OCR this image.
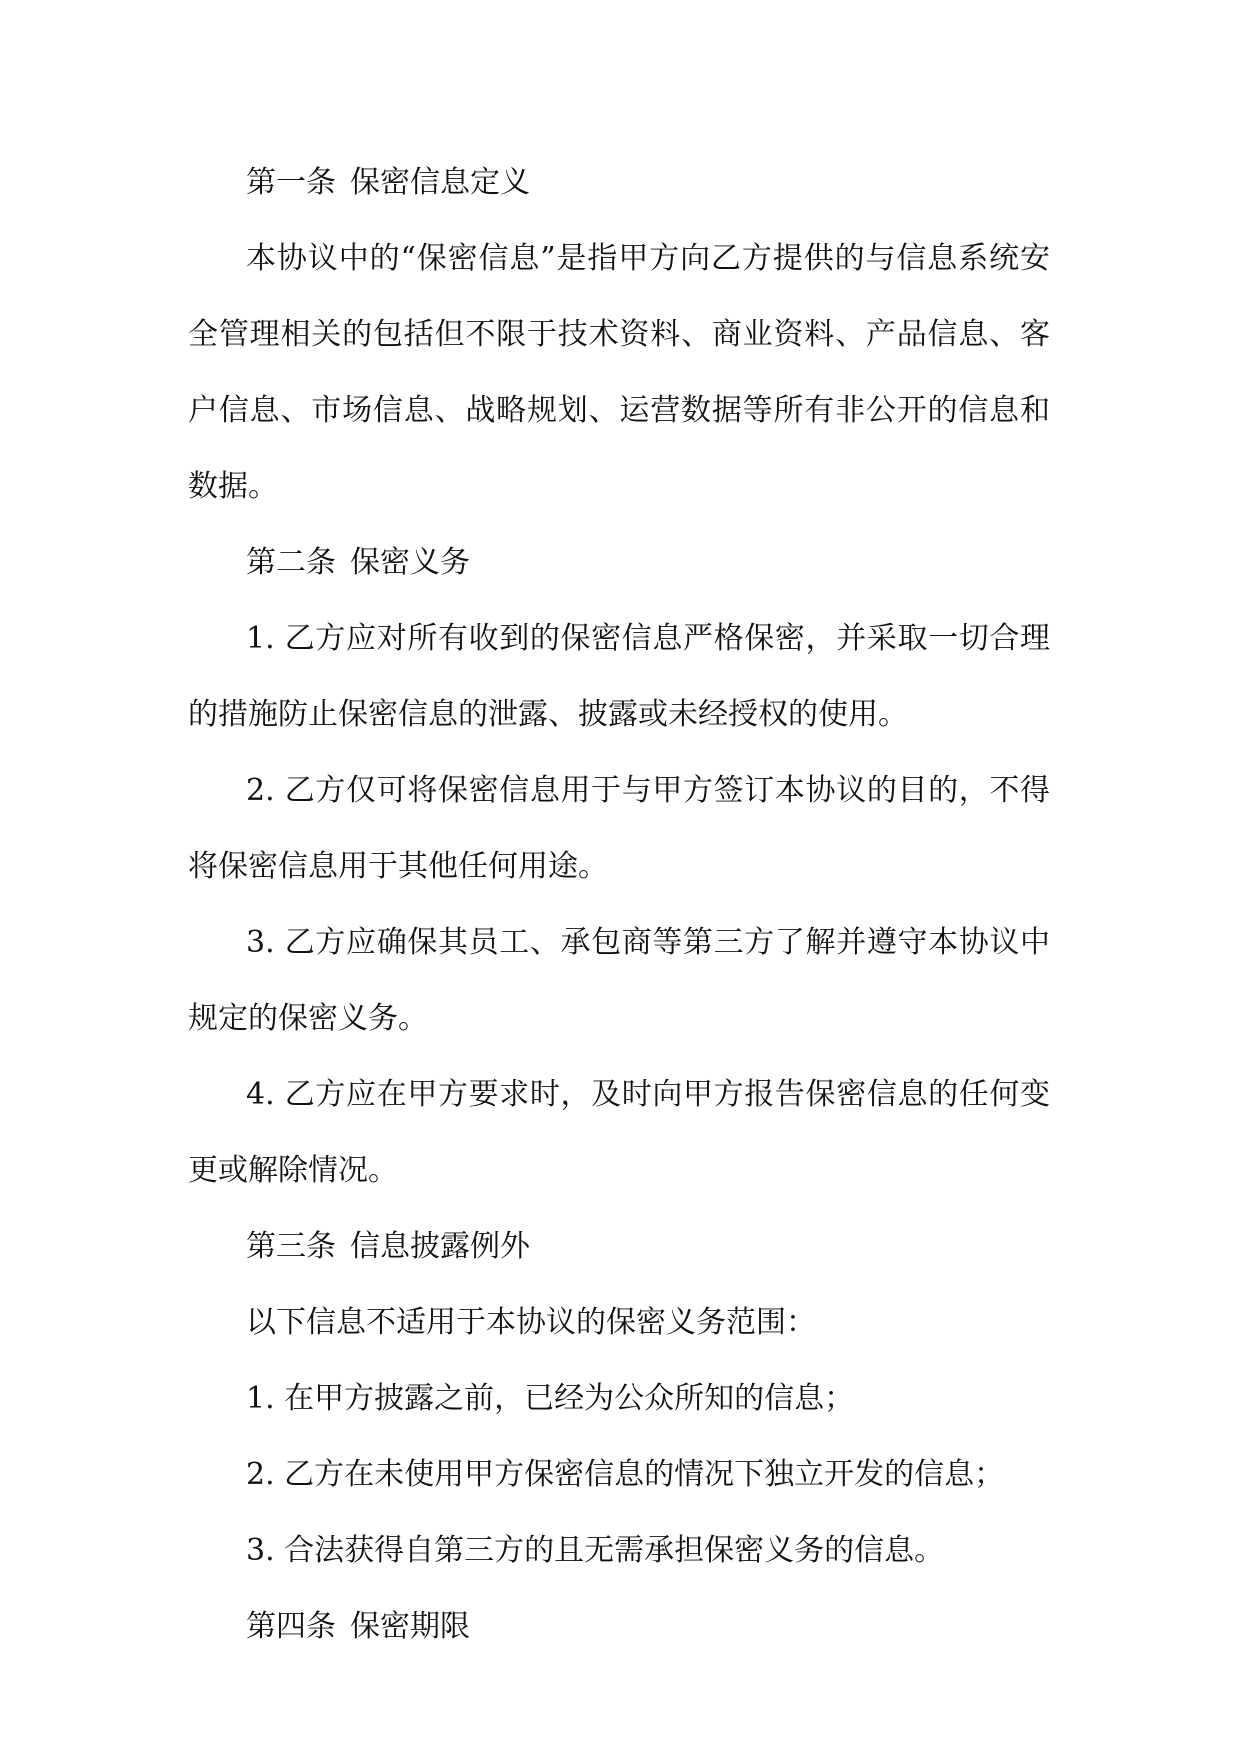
第一条 保密信息定义

本协议中的“保密信息”是指甲方向乙方提供的与信息系统安全管理相关的包括但不限于技术资料、商业资料、产品信息、客户信息、市场信息、战略规划、运营数据等所有非公开的信息和数据。

第二条 保密义务

1. 乙方应对所有收到的保密信息严格保密，并采取一切合理的措施防止保密信息的泄露、披露或未经授权的使用。

2. 乙方仅可将保密信息用于与甲方签订本协议的目的，不得将保密信息用于其他任何用途。

3. 乙方应确保其员工、承包商等第三方了解并遵守本协议中规定的保密义务。

4. 乙方应在甲方要求时，及时向甲方报告保密信息的任何变更或解除情况。

第三条 信息披露例外

以下信息不适用于本协议的保密义务范围：

1. 在甲方披露之前，已经为公众所知的信息；

2. 乙方在未使用甲方保密信息的情况下独立开发的信息；

3. 合法获得自第三方的且无需承担保密义务的信息。

第四条 保密期限
